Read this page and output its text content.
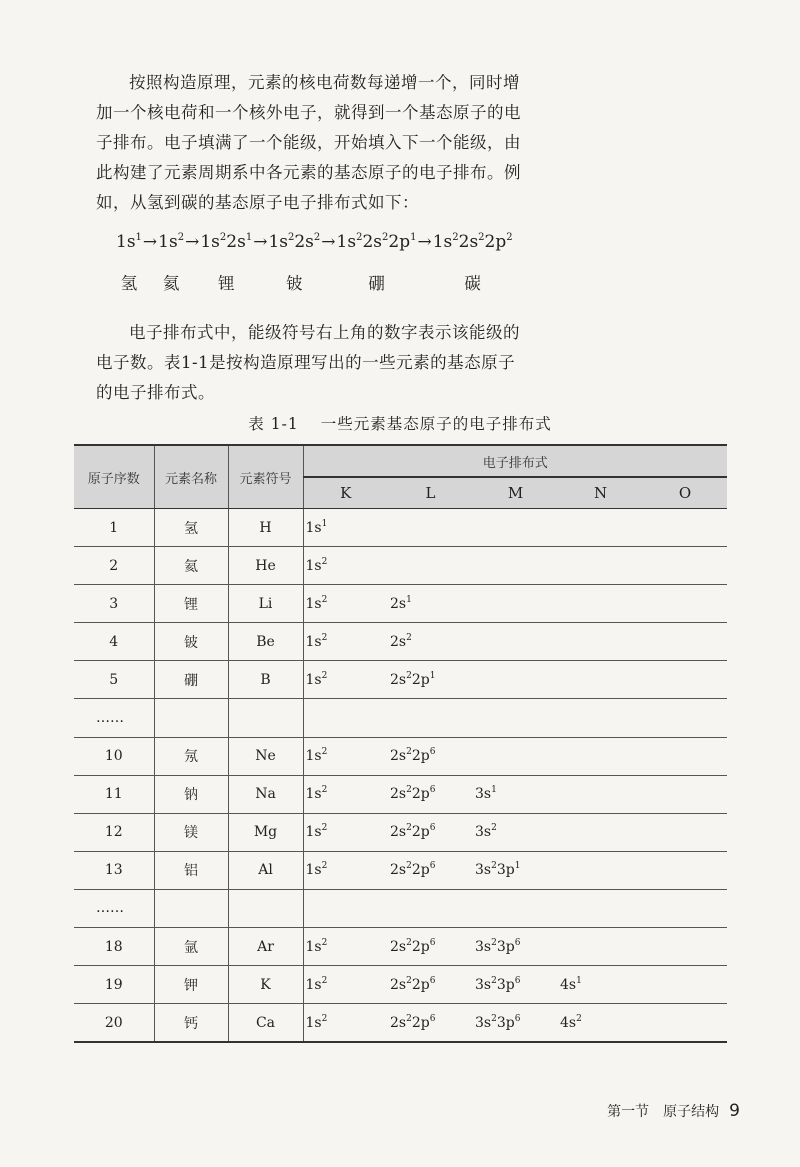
按照构造原理，元素的核电荷数每递增一个，同时增加一个核电荷和一个核外电子，就得到一个基态原子的电子排布。电子填满了一个能级，开始填入下一个能级，由此构建了元素周期系中各元素的基态原子的电子排布。例如，从氢到碳的基态原子电子排布式如下：

$1s^1\to 1s^2\to 1s^22s^1\to 1s^22s^2\to 1s^22s^22p^1\to 1s^22s^22p^2$
氢 氦 锂	铍	硼	碳

电子排布式中，能级符号右上角的数字表示该能级的电子数。表1-1是按构造原理写出的一些元素的基态原子的电子排布式。

表 1-1 一些元素基态原子的电子排布式
原子序数	元素名称	元素符号	电子排布式				
			K	L	M	N	O
1	氢	H	$1s^1$				
2	氦	He	$1s^2$				
3	锂	Li	$1s^2$	$2s^1$			
4	铍	Be	$1s^2$	$2s^2$			
5	硼	B	$1s^2$	$2s^22p^1$			
……							
10	氖	Ne	$1s^2$	$2s^22p^6$			
11	钠	Na	$1s^2$	$2s^22p^6$	$3s^1$		
12	镁	Mg	$1s^2$	$2s^22p^6$	$3s^2$		
13	铝	Al	$1s^2$	$2s^22p^6$	$3s^23p^1$		
……							
18	氩	Ar	$1s^2$	$2s^22p^6$	$3s^23p^6$		
19	钾	K	$1s^2$	$2s^22p^6$	$3s^23p^6$	$4s^1$	
20	钙	Ca	$1s^2$	$2s^22p^6$	$3s^23p^6$	$4s^2$	
第一节　原子结构 9
